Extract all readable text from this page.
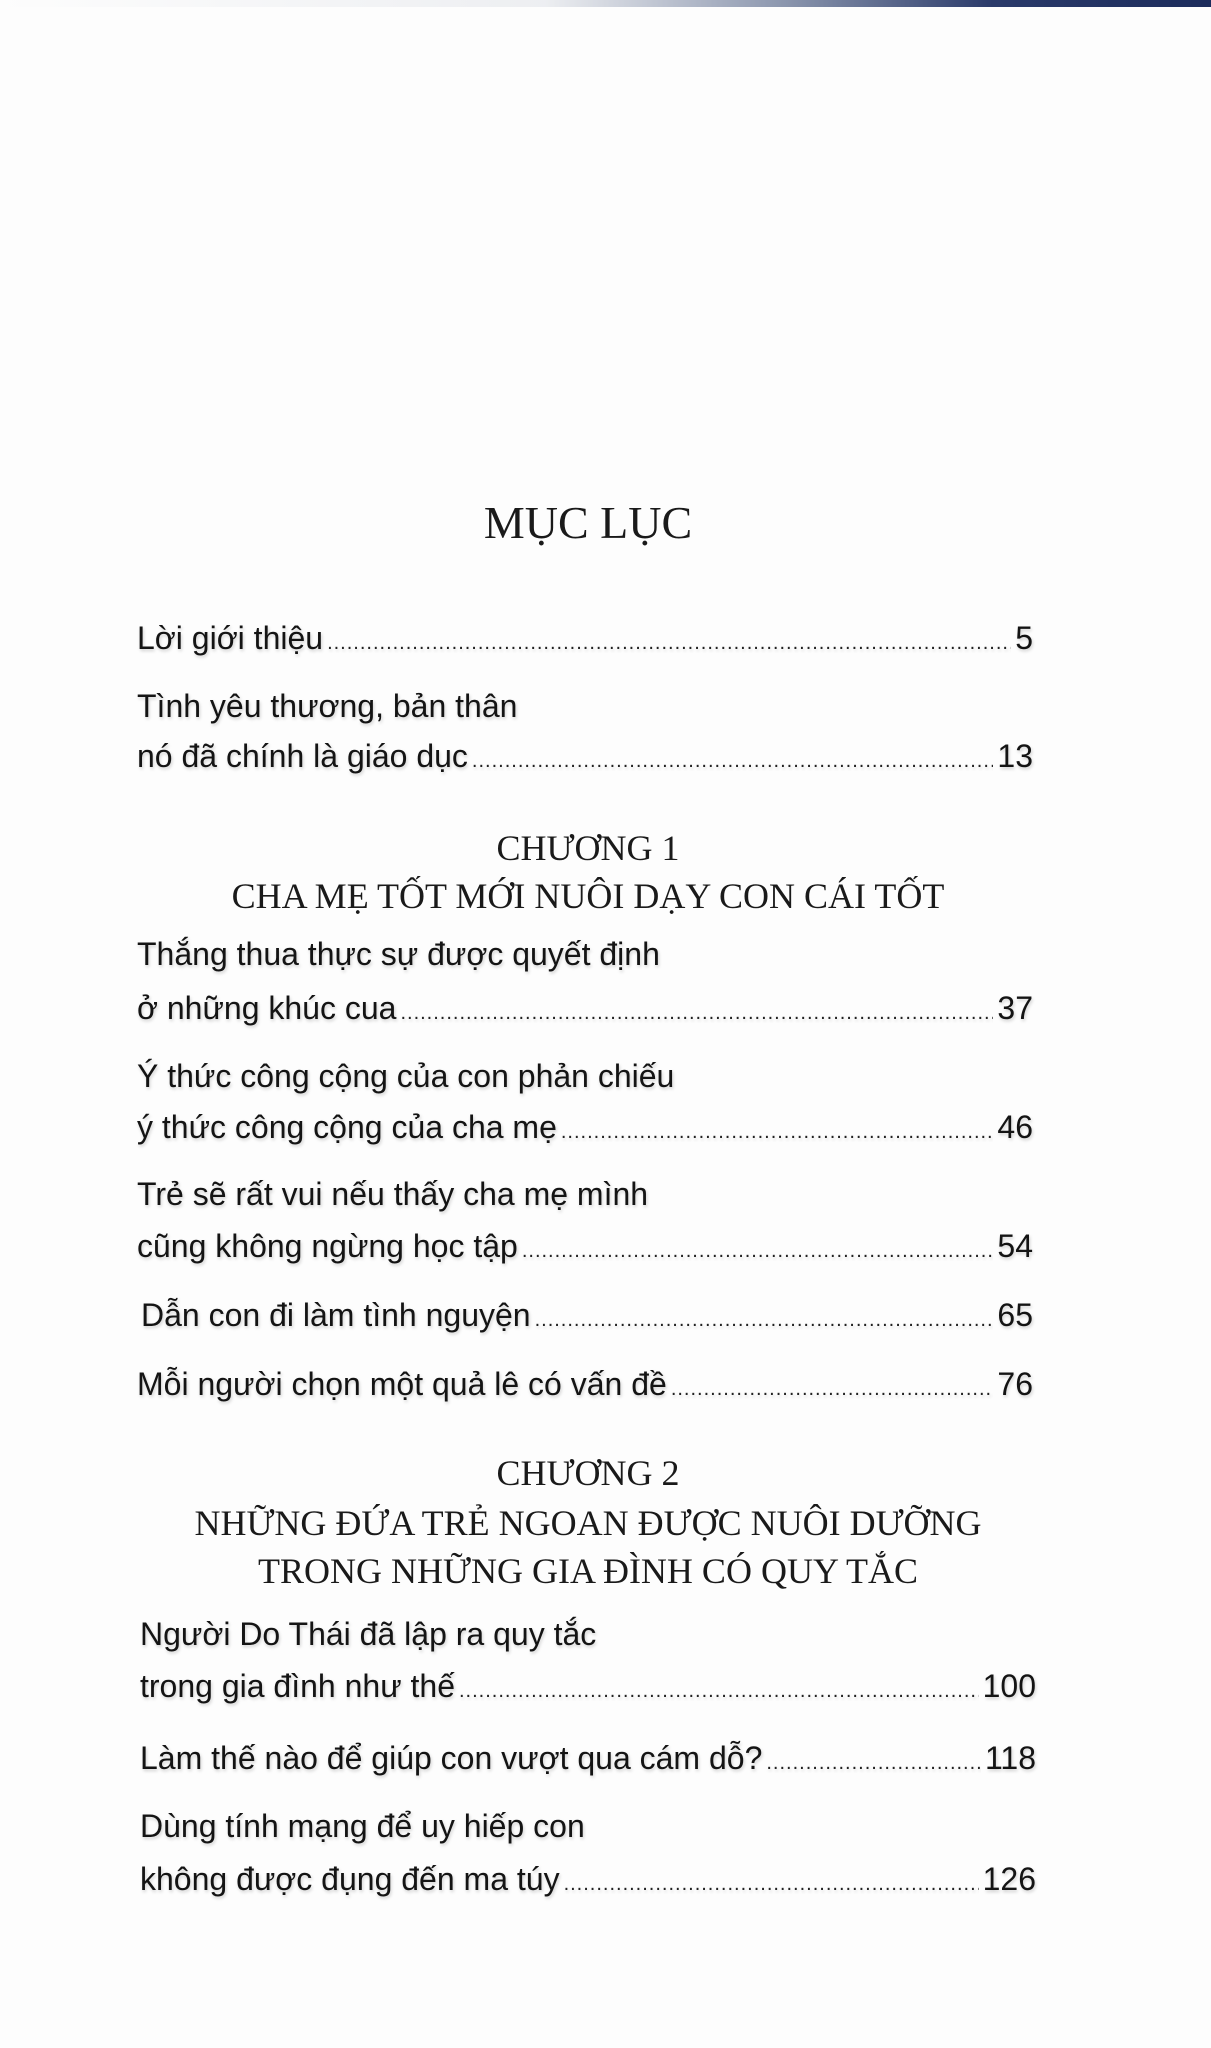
MỤC LỤC
Lời giới thiệu .....	5
Tình yêu thương, bản thân
nó đã chính là giáo dục .....	13
CHƯƠNG 1
CHA MẸ TỐT MỚI NUÔI DẠY CON CÁI TỐT
Thắng thua thực sự được quyết định
ở những khúc cua .....	37
Ý thức công cộng của con phản chiếu
ý thức công cộng của cha mẹ .....	46
Trẻ sẽ rất vui nếu thấy cha mẹ mình
cũng không ngừng học tập .....	54
Dẫn con đi làm tình nguyện .....	65
Mỗi người chọn một quả lê có vấn đề .....	76
CHƯƠNG 2
NHỮNG ĐỨA TRẺ NGOAN ĐƯỢC NUÔI DƯỠNG
TRONG NHỮNG GIA ĐÌNH CÓ QUY TẮC
Người Do Thái đã lập ra quy tắc
trong gia đình như thế .....	100
Làm thế nào để giúp con vượt qua cám dỗ? .....	118
Dùng tính mạng để uy hiếp con
không được đụng đến ma túy .....	126
